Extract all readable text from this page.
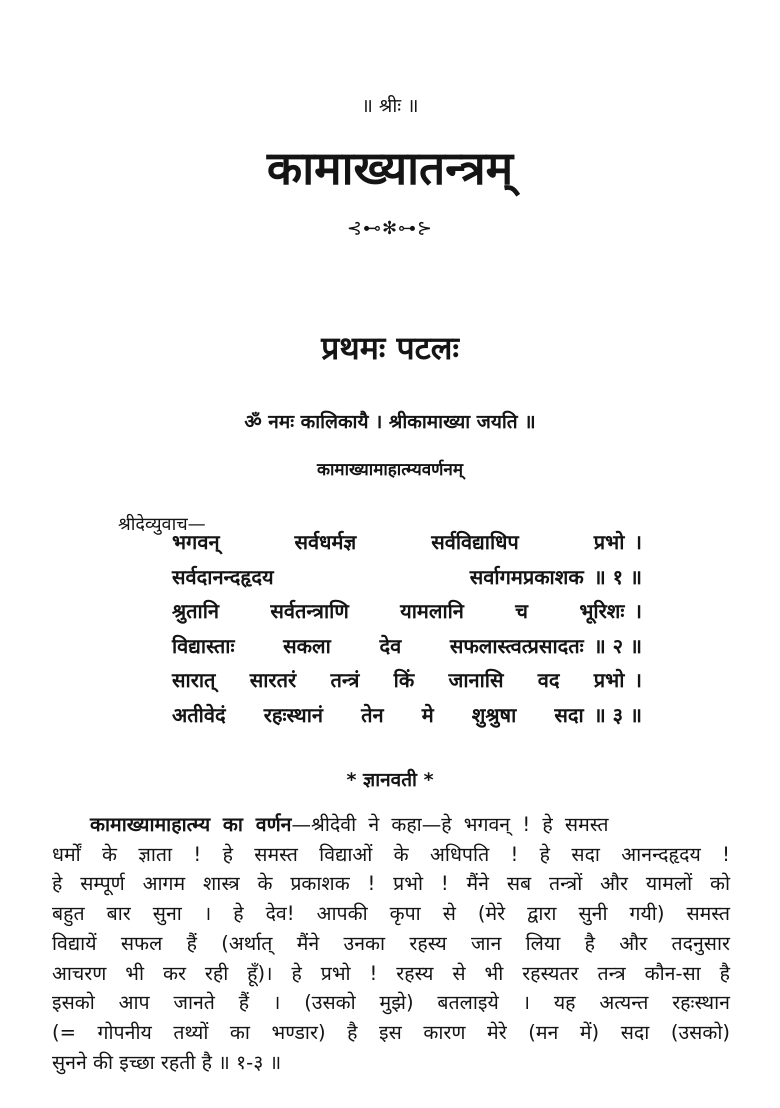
॥ श्रीः ॥
कामाख्यातन्त्रम्
⊰⊷✻⊶⊱
प्रथमः पटलः
ॐ नमः कालिकायै । श्रीकामाख्या जयति ॥
कामाख्यामाहात्म्यवर्णनम्
श्रीदेव्युवाच—
भगवन् सर्वधर्मज्ञ सर्वविद्याधिप प्रभो ।
सर्वदानन्दहृदय सर्वागमप्रकाशक ॥ १ ॥
श्रुतानि सर्वतन्त्राणि यामलानि च भूरिशः ।
विद्यास्ताः सकला देव सफलास्त्वत्प्रसादतः ॥ २ ॥
सारात् सारतरं तन्त्रं किं जानासि वद प्रभो ।
अतीवेदं रहःस्थानं तेन मे शुश्रुषा सदा ॥ ३ ॥
* ज्ञानवती *
कामाख्यामाहात्म्य का वर्णन—श्रीदेवी ने कहा—हे भगवन् ! हे समस्त
धर्मों के ज्ञाता ! हे समस्त विद्याओं के अधिपति ! हे सदा आनन्दहृदय !
हे सम्पूर्ण आगम शास्त्र के प्रकाशक ! प्रभो ! मैंने सब तन्त्रों और यामलों को
बहुत बार सुना । हे देव! आपकी कृपा से (मेरे द्वारा सुनी गयी) समस्त
विद्यायें सफल हैं (अर्थात् मैंने उनका रहस्य जान लिया है और तदनुसार
आचरण भी कर रही हूँ)। हे प्रभो ! रहस्य से भी रहस्यतर तन्त्र कौन-सा है
इसको आप जानते हैं । (उसको मुझे) बतलाइये । यह अत्यन्त रहःस्थान
(= गोपनीय तथ्यों का भण्डार) है इस कारण मेरे (मन में) सदा (उसको)
सुनने की इच्छा रहती है ॥ १-३ ॥
